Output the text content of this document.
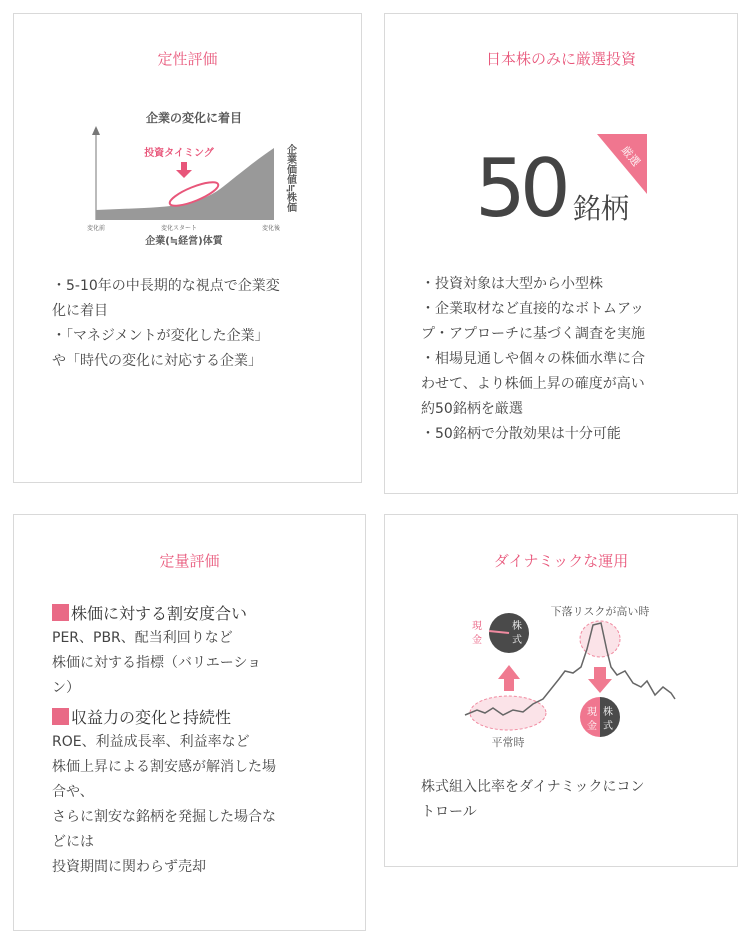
定性評価
企業の変化に着目
投資タイミング
変化前	変化スタート	変化後
企業(≒経営)体質
企業価値≒株価
・5-10年の中長期的な視点で企業変
化に着目
・「マネジメントが変化した企業」
や「時代の変化に対応する企業」
日本株のみに厳選投資
50 銘柄
厳選
・投資対象は大型から小型株
・企業取材など直接的なボトムアッ
プ・アプローチに基づく調査を実施
・相場見通しや個々の株価水準に合
わせて、より株価上昇の確度が高い
約50銘柄を厳選
・50銘柄で分散効果は十分可能
定量評価
株価に対する割安度合い
PER、PBR、配当利回りなど
株価に対する指標（バリエーショ
ン）
収益力の変化と持続性
ROE、利益成長率、利益率など
株価上昇による割安感が解消した場
合や、
さらに割安な銘柄を発掘した場合な
どには
投資期間に関わらず売却
ダイナミックな運用
下落リスクが高い時
平常時
株
式
現
金
現
金
株
式
株式組入比率をダイナミックにコン
トロール
